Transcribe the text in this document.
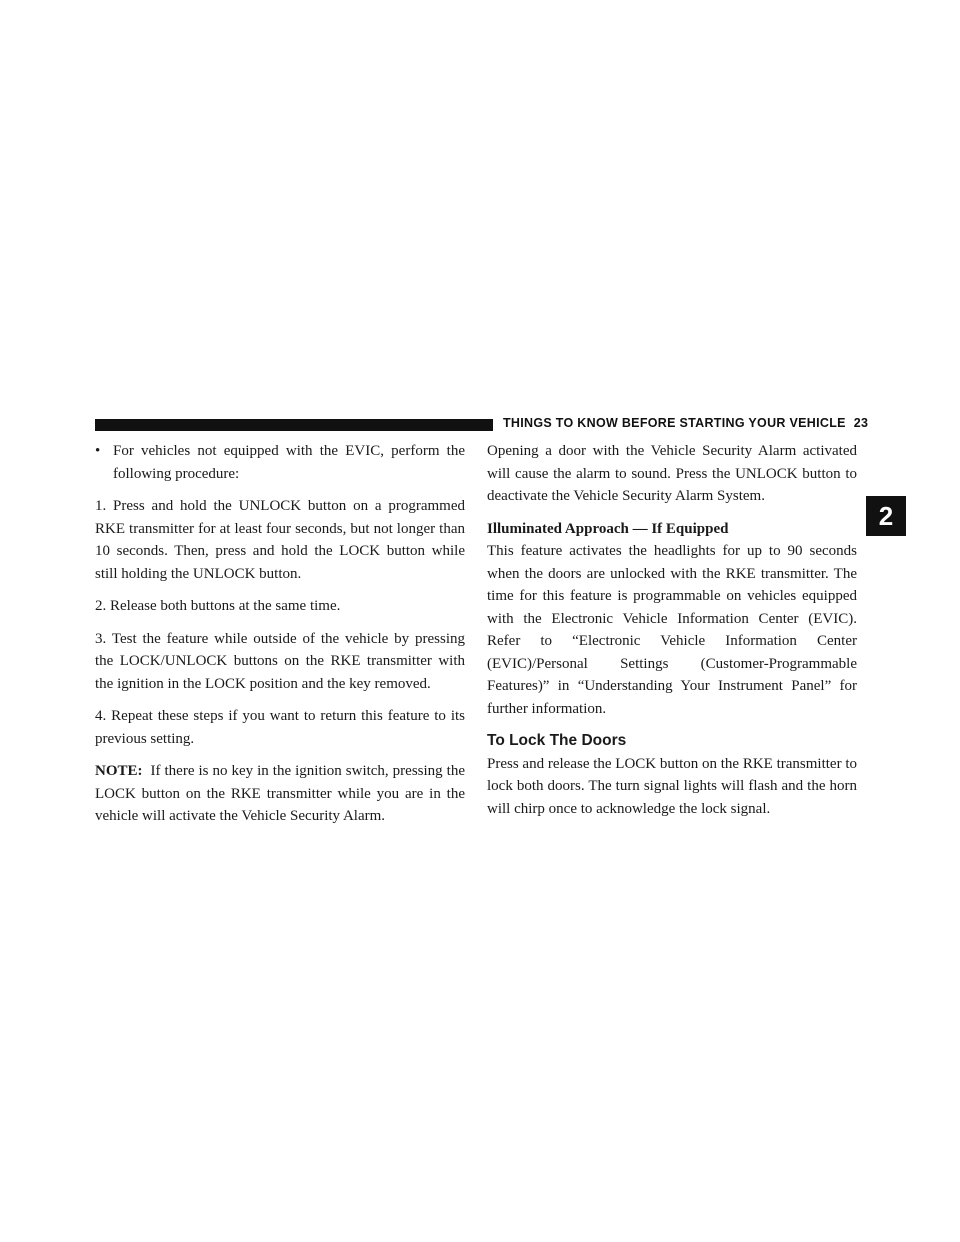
THINGS TO KNOW BEFORE STARTING YOUR VEHICLE 23
2
• For vehicles not equipped with the EVIC, perform the following procedure:

1. Press and hold the UNLOCK button on a programmed RKE transmitter for at least four seconds, but not longer than 10 seconds. Then, press and hold the LOCK button while still holding the UNLOCK button.

2. Release both buttons at the same time.

3. Test the feature while outside of the vehicle by pressing the LOCK/UNLOCK buttons on the RKE transmitter with the ignition in the LOCK position and the key removed.

4. Repeat these steps if you want to return this feature to its previous setting.

NOTE: If there is no key in the ignition switch, pressing the LOCK button on the RKE transmitter while you are in the vehicle will activate the Vehicle Security Alarm.

Opening a door with the Vehicle Security Alarm activated will cause the alarm to sound. Press the UNLOCK button to deactivate the Vehicle Security Alarm System.

Illuminated Approach — If Equipped

This feature activates the headlights for up to 90 seconds when the doors are unlocked with the RKE transmitter. The time for this feature is programmable on vehicles equipped with the Electronic Vehicle Information Center (EVIC). Refer to “Electronic Vehicle Information Center (EVIC)/Personal Settings (Customer-Programmable Features)” in “Understanding Your Instrument Panel” for further information.

To Lock The Doors

Press and release the LOCK button on the RKE transmitter to lock both doors. The turn signal lights will flash and the horn will chirp once to acknowledge the lock signal.
